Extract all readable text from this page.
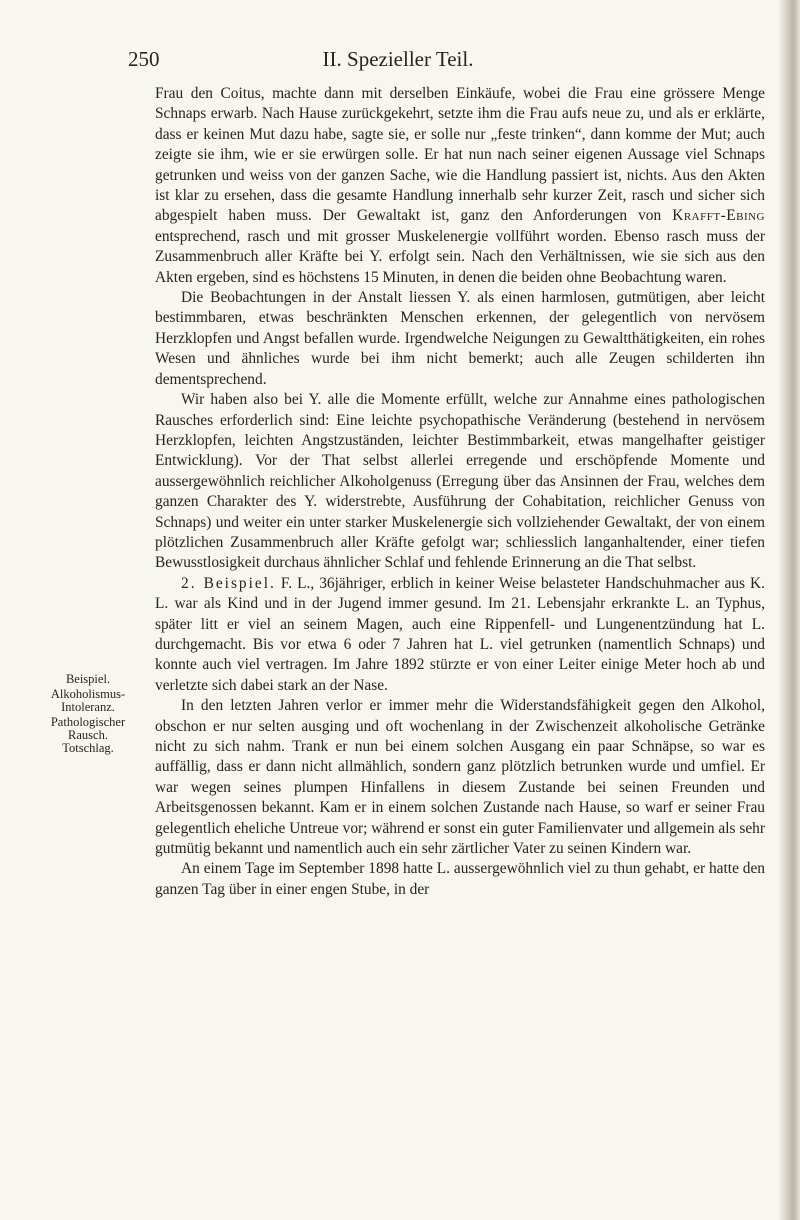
250	II. Spezieller Teil.

Frau den Coitus, machte dann mit derselben Einkäufe, wobei die Frau eine grössere Menge Schnaps erwarb. Nach Hause zurückgekehrt, setzte ihm die Frau aufs neue zu, und als er erklärte, dass er keinen Mut dazu habe, sagte sie, er solle nur „feste trinken“, dann komme der Mut; auch zeigte sie ihm, wie er sie erwürgen solle. Er hat nun nach seiner eigenen Aussage viel Schnaps getrunken und weiss von der ganzen Sache, wie die Handlung passiert ist, nichts. Aus den Akten ist klar zu ersehen, dass die gesamte Handlung innerhalb sehr kurzer Zeit, rasch und sicher sich abgespielt haben muss. Der Gewaltakt ist, ganz den Anforderungen von Krafft-Ebing entsprechend, rasch und mit grosser Muskelenergie vollführt worden. Ebenso rasch muss der Zusammenbruch aller Kräfte bei Y. erfolgt sein. Nach den Verhältnissen, wie sie sich aus den Akten ergeben, sind es höchstens 15 Minuten, in denen die beiden ohne Beobachtung waren.

Die Beobachtungen in der Anstalt liessen Y. als einen harmlosen, gutmütigen, aber leicht bestimmbaren, etwas beschränkten Menschen erkennen, der gelegentlich von nervösem Herzklopfen und Angst befallen wurde. Irgendwelche Neigungen zu Gewaltthätigkeiten, ein rohes Wesen und ähnliches wurde bei ihm nicht bemerkt; auch alle Zeugen schilderten ihn dementsprechend.

Wir haben also bei Y. alle die Momente erfüllt, welche zur Annahme eines pathologischen Rausches erforderlich sind: Eine leichte psychopathische Veränderung (bestehend in nervösem Herzklopfen, leichten Angstzuständen, leichter Bestimmbarkeit, etwas mangelhafter geistiger Entwicklung). Vor der That selbst allerlei erregende und erschöpfende Momente und aussergewöhnlich reichlicher Alkoholgenuss (Erregung über das Ansinnen der Frau, welches dem ganzen Charakter des Y. widerstrebte, Ausführung der Cohabitation, reichlicher Genuss von Schnaps) und weiter ein unter starker Muskelenergie sich vollziehender Gewaltakt, der von einem plötzlichen Zusammenbruch aller Kräfte gefolgt war; schliesslich langanhaltender, einer tiefen Bewusstlosigkeit durchaus ähnlicher Schlaf und fehlende Erinnerung an die That selbst.

2. Beispiel. F. L., 36jähriger, erblich in keiner Weise belasteter Handschuhmacher aus K. L. war als Kind und in der Jugend immer gesund. Im 21. Lebensjahr erkrankte L. an Typhus, später litt er viel an seinem Magen, auch eine Rippenfell- und Lungenentzündung hat L. durchgemacht. Bis vor etwa 6 oder 7 Jahren hat L. viel getrunken (namentlich Schnaps) und konnte auch viel vertragen. Im Jahre 1892 stürzte er von einer Leiter einige Meter hoch ab und verletzte sich dabei stark an der Nase.

In den letzten Jahren verlor er immer mehr die Widerstandsfähigkeit gegen den Alkohol, obschon er nur selten ausging und oft wochenlang in der Zwischenzeit alkoholische Getränke nicht zu sich nahm. Trank er nun bei einem solchen Ausgang ein paar Schnäpse, so war es auffällig, dass er dann nicht allmählich, sondern ganz plötzlich betrunken wurde und umfiel. Er war wegen seines plumpen Hinfallens in diesem Zustande bei seinen Freunden und Arbeitsgenossen bekannt. Kam er in einem solchen Zustande nach Hause, so warf er seiner Frau gelegentlich eheliche Untreue vor; während er sonst ein guter Familienvater und allgemein als sehr gutmütig bekannt und namentlich auch ein sehr zärtlicher Vater zu seinen Kindern war.

An einem Tage im September 1898 hatte L. aussergewöhnlich viel zu thun gehabt, er hatte den ganzen Tag über in einer engen Stube, in der

Beispiel.
Alkoholismus-
Intoleranz.
Pathologischer
Rausch.
Totschlag.
